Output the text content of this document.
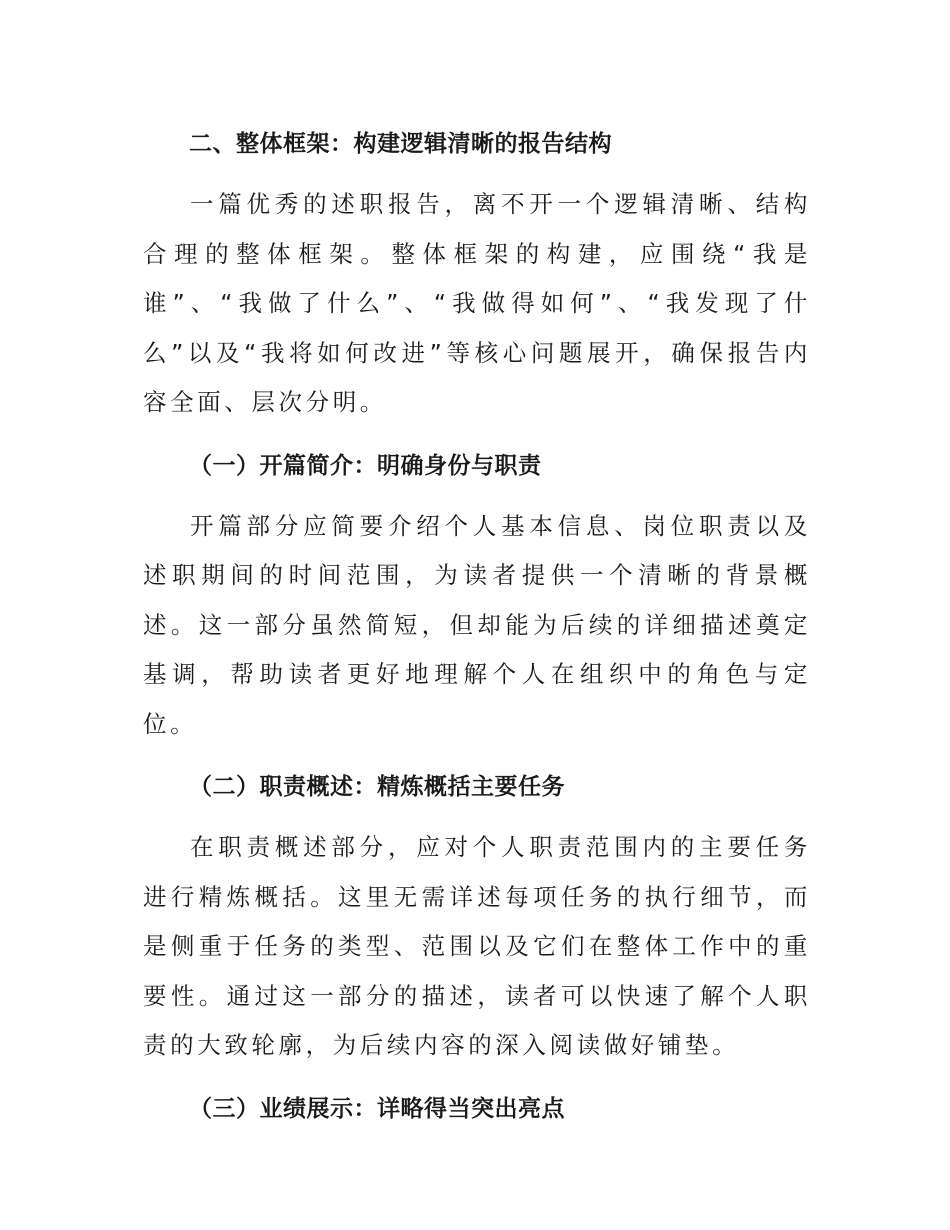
二、整体框架：构建逻辑清晰的报告结构

一篇优秀的述职报告，离不开一个逻辑清晰、结构合理的整体框架。整体框架的构建，应围绕“我是谁”、“我做了什么”、“我做得如何”、“我发现了什么”以及“我将如何改进”等核心问题展开，确保报告内容全面、层次分明。

（一）开篇简介：明确身份与职责

开篇部分应简要介绍个人基本信息、岗位职责以及述职期间的时间范围，为读者提供一个清晰的背景概述。这一部分虽然简短，但却能为后续的详细描述奠定基调，帮助读者更好地理解个人在组织中的角色与定位。

（二）职责概述：精炼概括主要任务

在职责概述部分，应对个人职责范围内的主要任务进行精炼概括。这里无需详述每项任务的执行细节，而是侧重于任务的类型、范围以及它们在整体工作中的重要性。通过这一部分的描述，读者可以快速了解个人职责的大致轮廓，为后续内容的深入阅读做好铺垫。

（三）业绩展示：详略得当突出亮点
